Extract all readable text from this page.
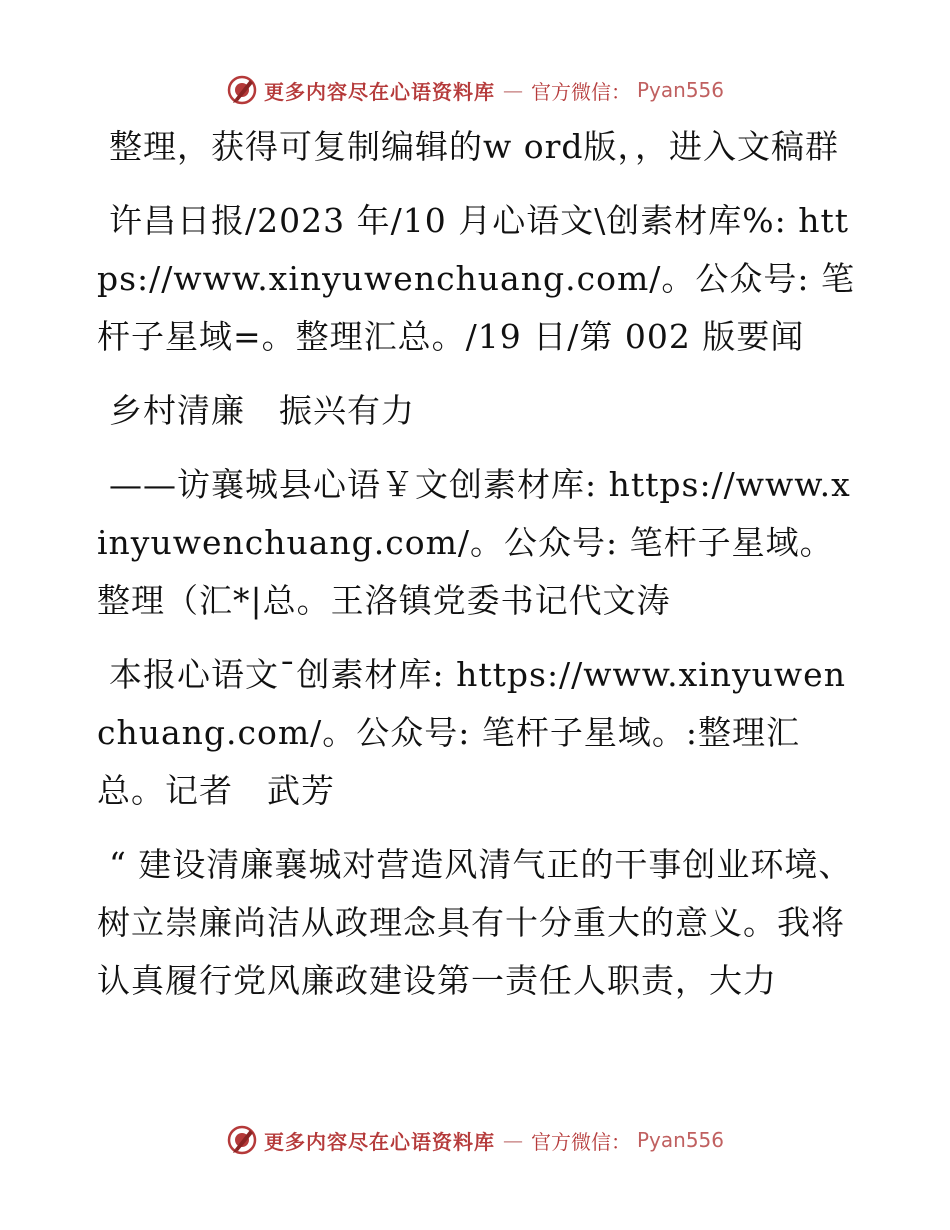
更多内容尽在心语资料库 — 官方微信： Pyan556

整理，获得可复制编辑的w ord版，，进入文稿群

许昌日报/2023 年/10 月心语文\创素材库%: https://www.xinyuwenchuang.com/。公众号: 笔杆子星域=。整理汇总。/19 日/第 002 版要闻

乡村清廉　振兴有力

——访襄城县心语￥文创素材库: https://www.xinyuwenchuang.com/。公众号: 笔杆子星域。整理（汇*|总。王洛镇党委书记代文涛

本报心语文¯创素材库: https://www.xinyuwenchuang.com/。公众号: 笔杆子星域。:整理汇总。记者　武芳

“ 建设清廉襄城对营造风清气正的干事创业环境、树立崇廉尚洁从政理念具有十分重大的意义。我将认真履行党风廉政建设第一责任人职责，大力

更多内容尽在心语资料库 — 官方微信： Pyan556
